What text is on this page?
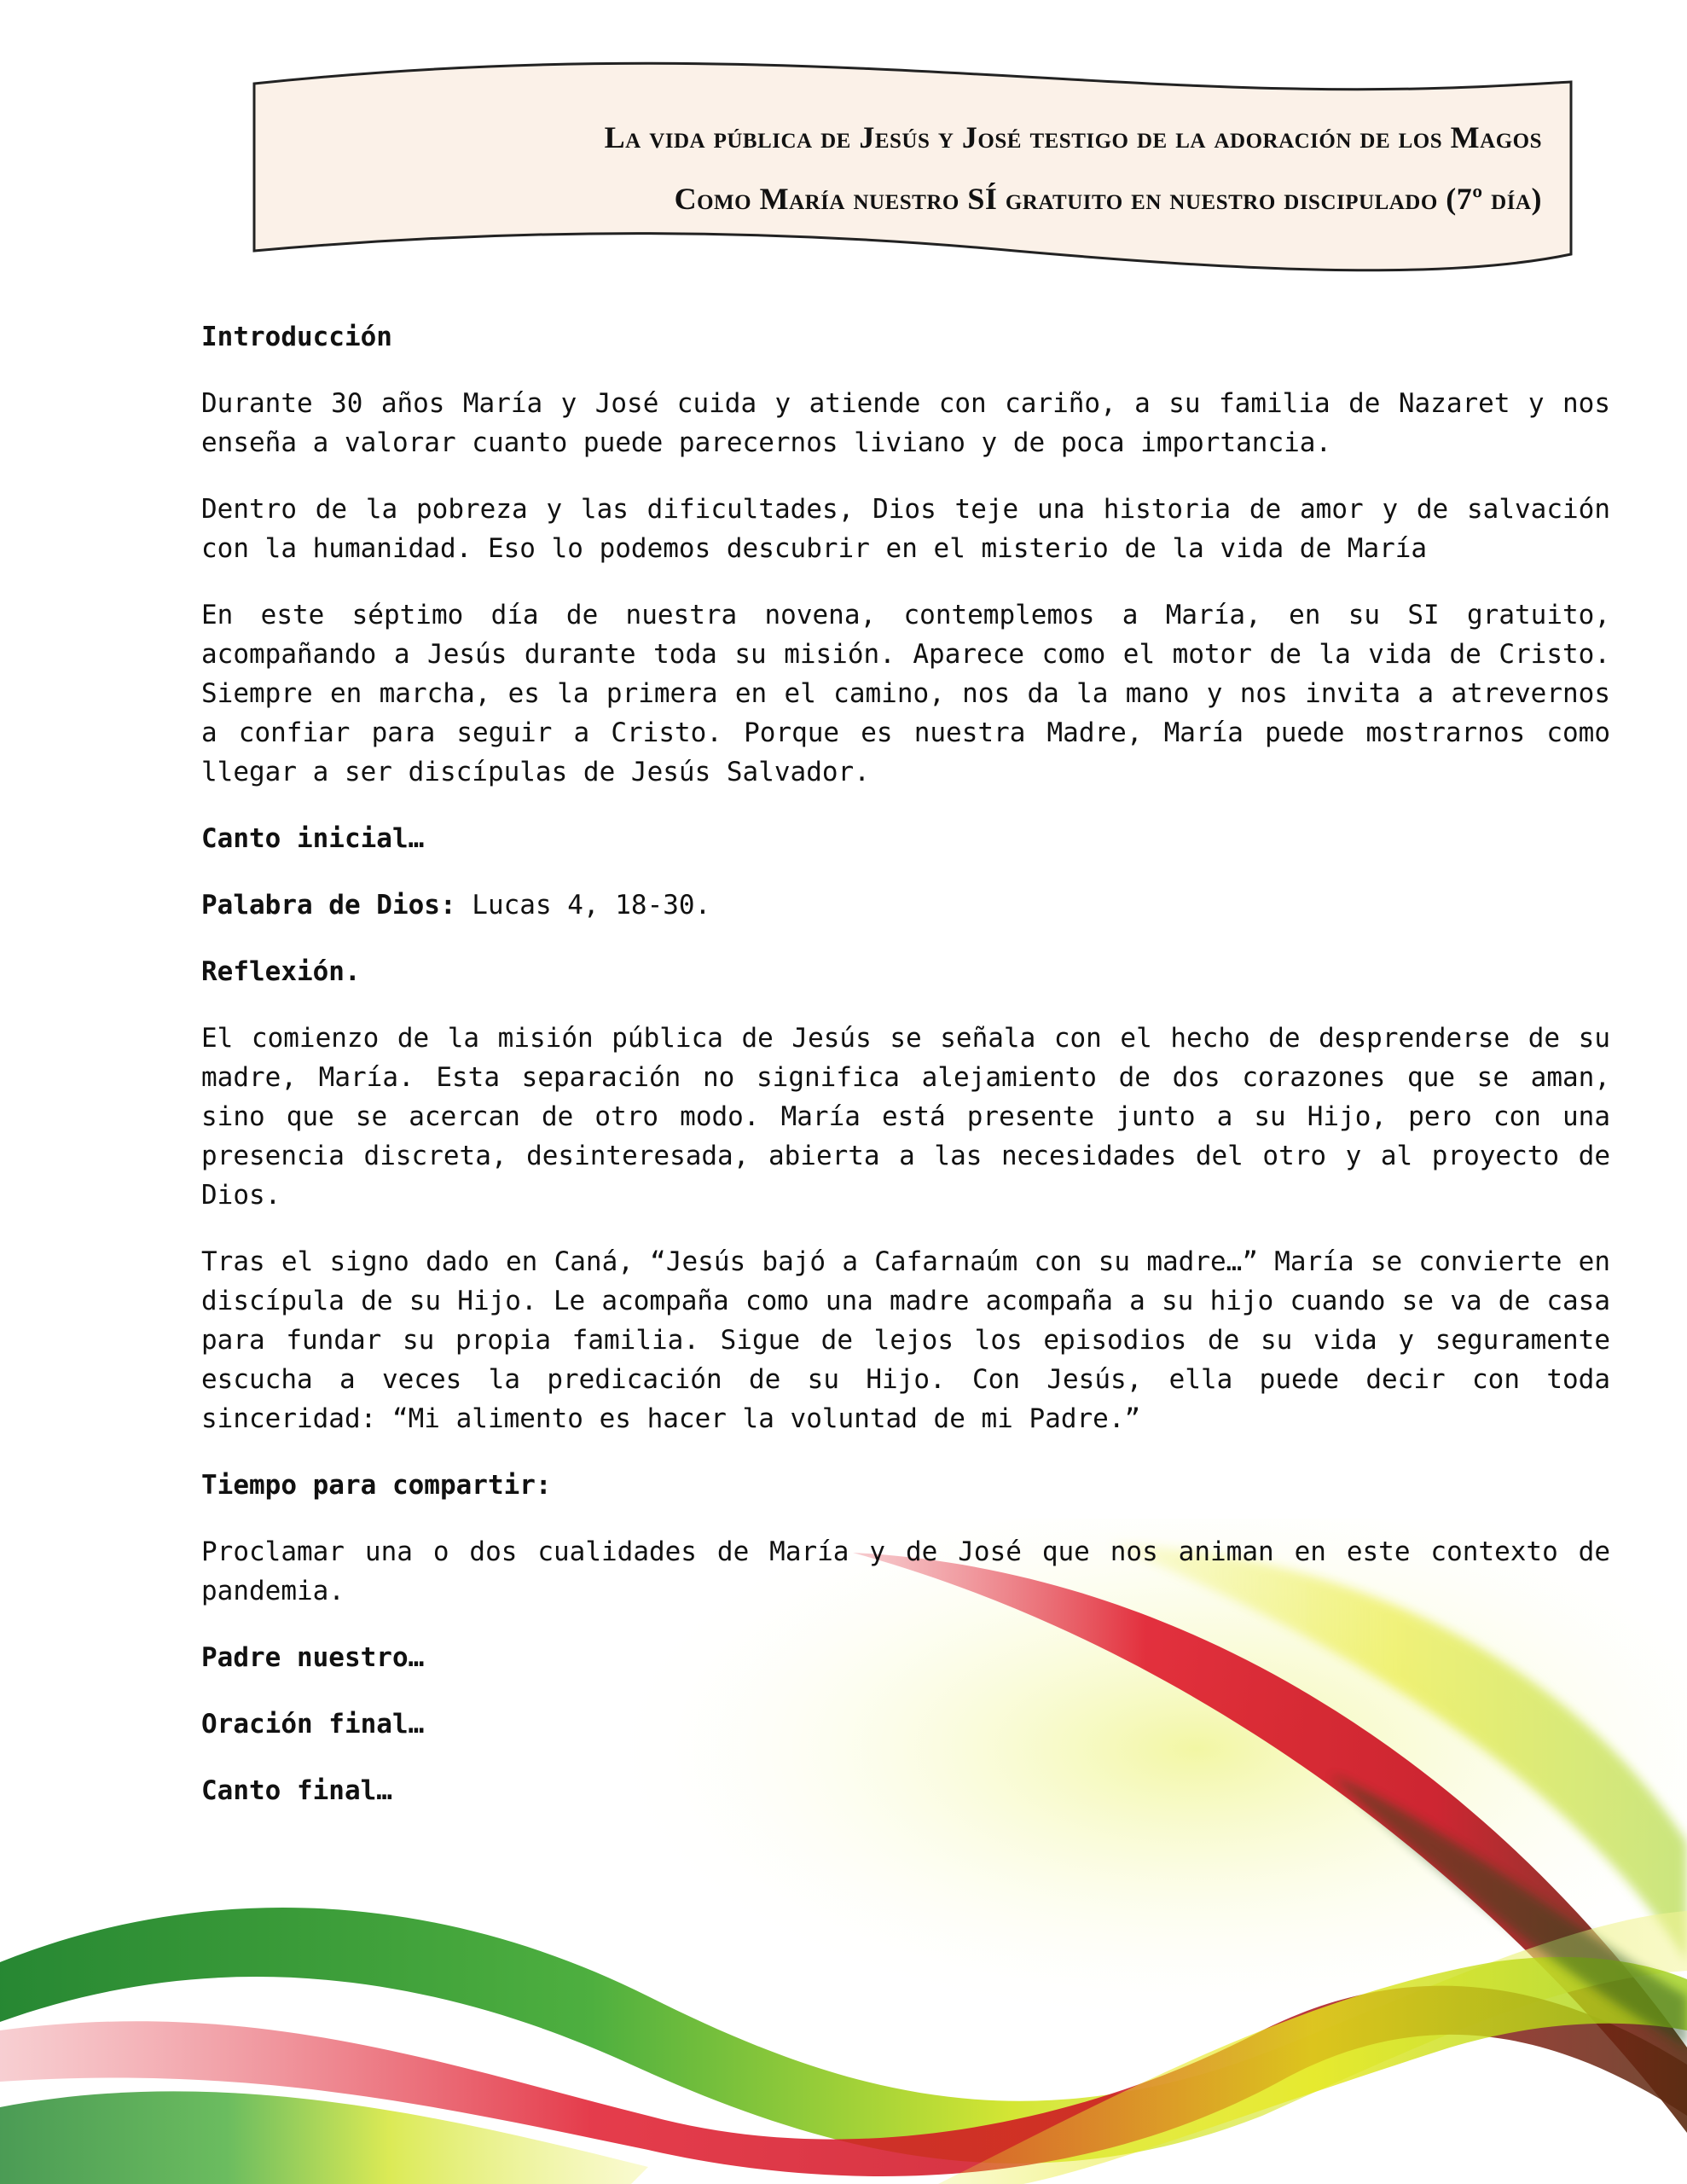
La vida pública de Jesús y José testigo de la adoración de los Magos
Como María nuestro SÍ gratuito en nuestro discipulado (7º día)
Introducción

Durante 30 años María y José cuida y atiende con cariño, a su familia de Nazaret y nos enseña a valorar cuanto puede parecernos liviano y de poca importancia.

Dentro de la pobreza y las dificultades, Dios teje una historia de amor y de salvación con la humanidad. Eso lo podemos descubrir en el misterio de la vida de María

En este séptimo día de nuestra novena, contemplemos a María, en su SI gratuito, acompañando a Jesús durante toda su misión. Aparece como el motor de la vida de Cristo. Siempre en marcha, es la primera en el camino, nos da la mano y nos invita a atrevernos a confiar para seguir a Cristo. Porque es nuestra Madre, María puede mostrarnos como llegar a ser discípulas de Jesús Salvador.

Canto inicial…

Palabra de Dios: Lucas 4, 18-30.

Reflexión.

El comienzo de la misión pública de Jesús se señala con el hecho de desprenderse de su madre, María. Esta separación no significa alejamiento de dos corazones que se aman, sino que se acercan de otro modo. María está presente junto a su Hijo, pero con una presencia discreta, desinteresada, abierta a las necesidades del otro y al proyecto de Dios.

Tras el signo dado en Caná, “Jesús bajó a Cafarnaúm con su madre…” María se convierte en discípula de su Hijo. Le acompaña como una madre acompaña a su hijo cuando se va de casa para fundar su propia familia. Sigue de lejos los episodios de su vida y seguramente escucha a veces la predicación de su Hijo. Con Jesús, ella puede decir con toda sinceridad: “Mi alimento es hacer la voluntad de mi Padre.”

Tiempo para compartir:

Proclamar una o dos cualidades de María y de José que nos animan en este contexto de pandemia.

Padre nuestro…
Oración final…
Canto final…
